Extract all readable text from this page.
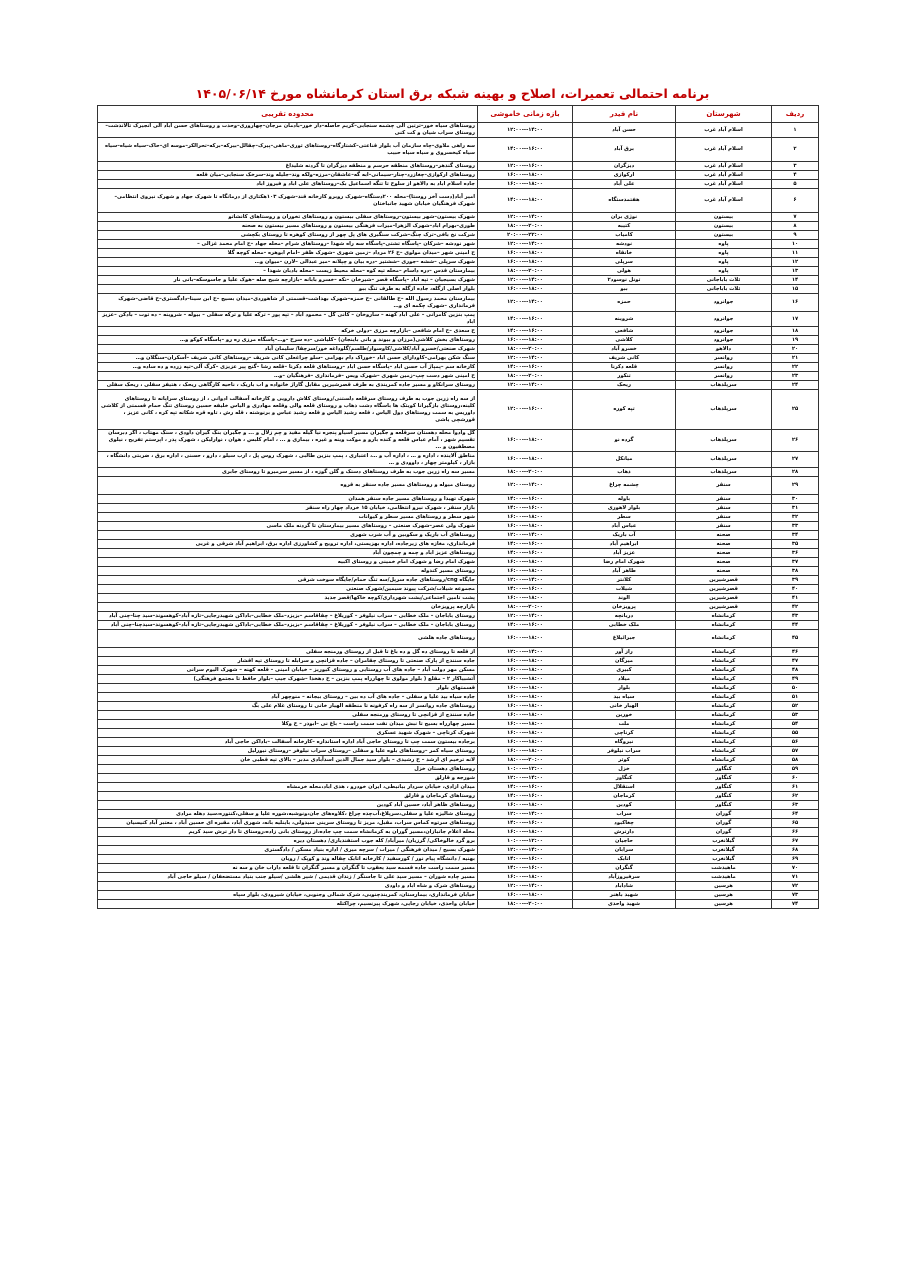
برنامه احتمالی تعمیرات، اصلاح و بهینه شبکه برق استان کرمانشاه مورخ ۱۴۰۵/۰۶/۱۴
ردیف	شهرستان	نام فیدر	بازه زمانی خاموشی	محدوده تقریبی
۱	اسلام آباد غرب	حسن آباد	۱۴:۰۰---۱۲:۰۰	روستاهای سیاه خور–ترتین الی چشمه سنجابی–کریم حاصله–دار خور–بادمان مرجان–چهاروری–وحدت و روستاهای حسن اباد الی انجیرک تالاندشت–روستای سراب شیان و کت کنی
۲	اسلام آباد غرب	برق آباد	۱۶:۰۰---۱۴:۰۰	سه راهی ملاوی–چاه سازمان آب بلوار قناعتی–کشتارگاه–روستاهای ثوری–ماهی–پیرک–چقالل–بیرکه–برکه–تحرالکر–موسه ای–حاک–سیاه شیاه–سیاه سیاه کیخسروی و سیاه سیاه حبیب
۳	اسلام آباد غرب	دیزگران	۱۶:۰۰---۱۲:۰۰	روستای گندهر–روستاهای منطقه حرسم و منطقه دیزگران تا گردنه شلیداغ
۴	اسلام آباد غرب	ارکوازی	۱۸:۰۰---۱۶:۰۰	روستاهای ارکوازی–چغازرد–چنار–سیمانی–ابه گه–عاشقان–مرزه–ولکه وند–جلیله وند–سرخک سنجابی–میان قلعه
۵	اسلام آباد غرب	علی آباد	۱۸:۰۰---۱۶:۰۰	جاده اسلام اباد به دالاهو از سلوخ تا تنگه اسماعیل بک–روستاهای علی اباد و فیروز اباد
۶	اسلام آباد غرب	هفتمدستگاه	۱۸:۰۰---۱۴:۰۰	امیر آباد(دست آخر روستا)–محله ۲۰۰دستگاه–شهرک روبرو کارخانه قند–شهرک ۱۰۳هکتاری از درمانگاه تا شهرک جهاد و شهرک نیروی انتظامی–شهرک فرهنگیان خیابان شهید جانباختان
۷	بیستون	نوژی بران	۱۴:۰۰---۱۲:۰۰	شهرک بیستون–شهر بیستون–روستاهای سفلی بیستون و روستاهای تخوران و روستاهای کانشاتو
۸	بیستون	کتیبه	۲۰:۰۰---۱۸:۰۰	طوری–بهرام اباد–شهرک الزهرا–میرات فرهنگی بیستون و روستاهای مسیر بیستون به صحنه
۹	بیستون	کامیاب	۲۲:۰۰---۲۰:۰۰	شرکت نخ بافی–ترک چنگ–شرکت سنگبری های پل چهر از روستای کوهره تا روستای بکچشی
۱۰	پاوه	نودشه	۱۴:۰۰---۱۲:۰۰	شهر نودشه –شرکان –پاسگاه تشتی–پاسگاه سه راه شهدا –روستاهای شرام –محله جهاد –ح امام محمد غزالی –
۱۱	پاوه	خانقاه	۱۸:۰۰---۱۶:۰۰	ح امینی شهر –میدان مولوی –خ ۲۶ مرداد –زمین شهری –شهرک ظفر –امام ابوهره –محله کوچه گلا
۱۲	پاوه	سرپلی	۱۸:۰۰---۱۶:۰۰	شهرک سرپلی –ششه –جوری –ششتیر –دره بیان و چپلانه –میر عبدالی –لارن –میوان و…
۱۳	پاوه	هولی	۲۰:۰۰---۱۸:۰۰	بیمارستان قدس –دره داسام –محله تپه کوه –محله محیط زیست –محله بادبان شهدا –
۱۴	ثلاث باباجانی	تونل نوسود۲	۱۴:۰۰---۱۲:۰۰	شهرک بسیجیان – تپه اباد –پاسگاه قصر –شیرخان –نکه –خسرو بابانه –بازارچه شیخ صله –هوک علیا و جاسوسکه–بانی نار
۱۵	ثلاث باباجانی	ببو	۱۸:۰۰---۱۶:۰۰	بلوار اصلی ازگله، جاده ازگله به طرف تنگ ببو
۱۶	جوانرود	حمزه	۱۴:۰۰---۱۲:۰۰	بیمارستان محمد رسول الله –خ طالقانی –خ حمزه–شهرک بهداشت–قسمتی از شاهوردی–میدان بسیج –خ ابن سینا–دادگستری–خ قاضی–شهرک فرمانداری –شهرک چکمه ای و…
۱۷	جوانرود	شروینه	۱۶:۰۰---۱۴:۰۰	پمپ بنزین کامرانی – علی اباد کهنه – ساروخان – کانی گل – محمود اباد – تپه پور – ترکه علیا و ترکه سفلی – بیوله – شروینه – ده توت – بادکن –عزیز اباد
۱۸	جوانرود	شافعی	۱۶:۰۰---۱۴:۰۰	خ سعدی –خ امام شافعی –بازارچه مرزی –دولی خرکه
۱۹	جوانرود	کلاشی	۱۸:۰۰---۱۶:۰۰	روستاهای بخش کلاشی(مرزان و بیوند و بانی باینجان) –کلیاشی –ده سرخ –و…–پاسگاه مرزی ره رو –پاسگاه کوکو و…
۲۰	دالاهو	خسرو آباد	۲۰:۰۰---۱۸:۰۰	شهرک صنعتی/خسرو آباد/کلاشی/کاوسوار/طلسم/گلوداغه خور/سرچقا/ سلیمان آباد
۲۱	روانسر	کانی شریف	۱۴:۰۰---۱۲:۰۰	سنگ شکن بهرامی–کاودارای حسن اباد –خوراک دام بهرامی –سلو چراغعلی کانی شریف –روستاهای کانی شریف –آسکران–سنگلان و…
۲۲	روانسر	قلعه دکرنا	۱۶:۰۰---۱۴:۰۰	کارخانه سم –پمپاژ آب حسن اباد –پاسگاه حسن اباد –روستاهای قلعه دکرنا –قلعه رشا –گنج پیر عزیزی –کرگ آلی–تپه زرده و ده ساده و…
۲۳	روانسر	تنکور	۲۰:۰۰---۱۸:۰۰	خ امینی شهر دست چپ–زمین شهری –شهرک ویس –فرمانداری –فرهنگیان –و…
۲۴	سرپلذهاب	ریحک	۱۴:۰۰---۱۲:۰۰	روستای سرانکاو و مسیر جاده کمربندی به طرف قصرشیرین مقابل گاراژ خانواده و اب باریک ، ناحیه کارگاهی ریحک ، هتیفر سفلی ، ریحک سفلی
۲۵	سرپلذهاب	تپه کوره	۱۶:۰۰---۱۲:۰۰	از سه راه زرین جوب به طرف روستای سرقلعه دلستنی/روستای کلاش دارویی و کارخانه آسفالت ادوانی ، از روستای سراپانه تا روستاهای کلینه،روستای بازگیرانا کویتک ها باسگاه دشت ذهاب و روستای قلعه والی وقلعه مهادری و الیاس خلیفه حسین روستای تنگ حمام قسمتی از کلاشی داوریس به سمت روستاهای دول الیاس ، قلعه رشید الیاس و قلعه رشید عباس و برنوشته ، قله رش ، تاوه قره شکانه تپه کره ، کانی عزیز ، قورشچی یاشی
۲۶	سرپلذهاب	گرده نو	۱۸:۰۰---۱۶:۰۰	گل وادوا محله دهستان سرقلعه و جگیران مسیر آسیاو پنجره نیا گیله مفید و چم زلال و ... و جگیران بنگ گیران داودی ، سنگ مهتاب ، اگر دبرسان تقسیم شهر ، آمام عباس قلعه و کنده بارو و موکت وینه و غیره ، بیماری و ... ، امام کلبس ، هوان ، نوارلیکن ، شهرک پدر ، اپرستم تفریح ، نیلوی مصطفیون و ...
۲۷	سرپلذهاب	میانکل	۱۸:۰۰---۱۶:۰۰	مناطق آلاینده ، اداره و … ، اداره آب و …، اعتباری ، پمپ بنزین طالبی ، شهرک روس پل ، ارب سیلو ، دارو ، حسنی ، اداره برق ، ضربتی دانشگاه ، بازار ، کیلومتر چهار ، داوودی و …
۲۸	سرپلذهاب	ذهاب	۲۰:۰۰---۱۸:۰۰	مسیر سه راه زرین جوب به طرف روستاهای دستک و گلن گوزه ، از مسیر سرمیرو تا روستای جابری
۲۹	سنقر	چشمه چراغ	۱۴:۰۰---۱۲:۰۰	روستای میوله و روستاهای مسیر جاده سنقر به قروه
۳۰	سنقر	باوله	۱۶:۰۰---۱۴:۰۰	شهرک تهیدا و روستاهای مسیر جاده سنقر همدان
۳۱	سنقر	بلوار لاهوری	۱۶:۰۰---۱۴:۰۰	بازار سنقر ، شهرک نیرو انتظامی، خیابان ۱۵ خرداد چهار راه سنقر
۳۲	سنقر	سطر	۱۸:۰۰---۱۶:۰۰	شهر سطر و روستاهای مسیر سطر و کیوانات
۳۳	سنقر	عباس آباد	۱۸:۰۰---۱۶:۰۰	شهرک ولی عصر–شهرک صنعتی – روستاهای مسیر بیمارستان تا گردنه ملک ماسی
۳۴	صحنه	آب باریک	۱۴:۰۰---۱۲:۰۰	روستاهای آب باریک و سکوبین و آب شرب شهری
۳۵	صحنه	ابراهیم آباد	۱۶:۰۰---۱۴:۰۰	فرمانداری، مغازه های زیرجاده، اداره بهزیستی، اداره ترویج و کشاورزی اداره برق، ابراهیم آباد شرقی و غربی
۳۶	صحنه	عزیز آباد	۱۶:۰۰---۱۴:۰۰	روستاهای عزیز اباد و چمه و چمچون آباد
۳۷	صحنه	شهرک امام رضا	۱۸:۰۰---۱۶:۰۰	شهرک امام رضا و شهرک امام خمینی و روستای اکبیه
۳۸	صحنه	طاهر آباد	۱۸:۰۰---۱۶:۰۰	روستای مسیر کندوله
۳۹	قصرشیرین	کلانتر	۱۴:۰۰---۱۲:۰۰	جایگاه cng/روستاهای جاده سرپل/سه تنگ حمام/جایگاه سوخت شرقی
۴۰	قصرشیرین	شیلات	۱۶:۰۰---۱۴:۰۰	مجموعه شیلات/شرکت پیوند سیمین/شهرک صنعتی
۴۱	قصرشیرین	الوند	۱۸:۰۰---۱۶:۰۰	پشت تامین اجتماعی/پشت شهرداری/کوچه خاکها/قصر جدید
۴۲	قصرشیرین	پرویزخان	۲۰:۰۰---۱۸:۰۰	بازارچه پرویزخان
۴۳	کرمانشاه	دربانچه	۱۴:۰۰---۱۲:۰۰	روستای باباجان – ملک خطابی – سراب نیلوفر – کوریلاغ – چقاقاسم –بزیزد–ملک خطابی–باداکن شهیدرجایی–تازه آباد–کوهسوند–سید چنا–چنی آباد
۴۴	کرمانشاه	ملک خطابی	۱۶:۰۰---۱۴:۰۰	روستای باباجان – ملک خطابی – سراب نیلوفر – کوریلاغ – چقاقاسم –بزیزد–ملک خطابی–باداکن شهیدرجایی–تازه آباد–کوهسوند–سیدچنا–چنی آباد
۴۵	کرمانشاه	جبرائیلاغ	۱۸:۰۰---۱۶:۰۰	روستاهای جاده هلشی
۴۶	کرمانشاه	راز آور	۱۴:۰۰---۱۲:۰۰	از قلعه تا روستای ده گل و ده باغ تا قبل از روستای ورمنجه سفلی
۴۷	کرمانشاه	میرگان	۱۸:۰۰---۱۶:۰۰	جاده سنندج از پارک صنعتی تا روستای چقامران – جاده قزانچی و سرابله تا روستای تپه اقشار
۴۸	کرمانشاه	کبیری	۱۸:۰۰---۱۶:۰۰	مسکن مهر دولت آباد – جاده های آب روستایی و روستای کیوریز – خیابان امینی – قلعه کهنه – شهرک الیوم سرانی
۴۹	کرمانشاه	میلاد	۱۸:۰۰---۱۶:۰۰	آتشبیاکار ۲ – مقلع ( بلوار مولوی تا چهارراه پمپ بنزین – خ دهخدا –شهرک جیپ –بلوار حافظ تا مجتمع فرهنگی)
۵۰	کرمانشاه	بلوار	۱۸:۰۰---۱۶:۰۰	قسمتهای بلوار
۵۱	کرمانشاه	سیاه بید	۱۸:۰۰---۱۶:۰۰	جاده سیاه بید علیا و سفلی – جاده های آب ده بین – روستای بیجانه – منوچهر آباد
۵۲	کرمانشاه	الهیار خانی	۱۸:۰۰---۱۶:۰۰	روستاهای جاده روانسر از سه راه کرفونه تا منطقه الهیار خانی تا روستای غلام علی بگ
۵۳	کرمانشاه	خورین	۱۸:۰۰---۱۶:۰۰	جاده سنندج از قزانچی تا روستای ورمنجه سفلی
۵۴	کرمانشاه	ملت	۱۸:۰۰---۱۶:۰۰	مسیر چهارراه بسیج تا نبش میدان نفت سمت راست – باغ نی –ابوذر – خ وکلا
۵۵	کرمانشاه	کرناچی	۱۸:۰۰---۱۶:۰۰	شهرک کرناچی – شهرک شهید عسکری
۵۶	کرمانشاه	نیروگاه	۱۸:۰۰---۱۶:۰۰	برجاده بیستون سمت چپ تا روستای حاجی آباد اداره استانداره –کارخانه آسفالت –باداکن حاجی آباد
۵۷	کرمانشاه	سراب نیلوفر	۱۸:۰۰---۱۶:۰۰	روستای سیاه کمر –روستاهای بلوه علیا و سفلی –روستای سراب نیلوفر –روستای نیورلیل
۵۸	کرمانشاه	کوثر	۲۰:۰۰---۱۸:۰۰	لانه ترخیم ای ارشد – خ رشیدی – بلوار سید جمال الدین اسدآبادی مدبر – بالای تپه قطبی خان
۵۹	کنگاور	خزل	۱۲:۰۰---۱۰:۰۰	روستاهای دهستان خزل
۶۰	کنگاور	کنگاور	۱۴:۰۰---۱۲:۰۰	شورجه و قارلق
۶۱	کنگاور	استقلال	۱۶:۰۰---۱۴:۰۰	میدان ازادی، خیابان سردار بیانیطی، ایران خودرو ، هدی اباد،محله خرمشاه
۶۲	کنگاور	کرماجان	۱۶:۰۰---۱۴:۰۰	روستاهای کرماجان و قارلق
۶۳	کنگاور	کودین	۱۸:۰۰---۱۶:۰۰	روستاهای ظاهر آباد، حسین آباد کودین
۶۴	گوران	سراب	۱۴:۰۰---۱۲:۰۰	روستای شالیزه علیا و سفلی،سرپلاغ،آب‌چده چراغ ،کلاوه‌های جان،ونوشبه،شوره علیا و سفلی،کنتوره،سید دهله مرادی
۶۵	گوران	چغاکبود	۱۶:۰۰---۱۴:۰۰	روستاهای سرتوه کماس سراب، مقبل، مریز تا روستای سرینی سیدولی، باینلیه بانه، شهری آباد، مقبره ای حسین آباد ، معتبر آباد کنیسیان
۶۶	گوران	دارترش	۱۸:۰۰---۱۶:۰۰	محله اعلام جانبازان،مسیر گوران به کرمانشاه سمت چپ جاده،از روستای بانی زاده،روستای تا دار ترش سید کریم
۶۷	گیلانغرب	حاجیان	۱۲:۰۰---۱۰:۰۰	برو گرد خالوخاکی/ گرزیان/ میرآباد/ کله جوب استفندیاری/ دهستان دیره
۶۸	گیلانغرب	سرابان	۱۴:۰۰---۱۲:۰۰	شهرک بسیج / میدان فرهنگی / میرات / سرچه میری / اداره بنیاد مسکن / دادگستری
۶۹	گیلانغرب	اتابک	۱۶:۰۰---۱۴:۰۰	بهنیه / دانشگاه پیام نور / کورسفید / کارخانه اتابک چقاله وند و کوپک / رویان
۷۰	ماهیدشت	گنگران	۱۶:۰۰---۱۴:۰۰	مسیر سمت راست جاده قسمه سید یعقوب تا گنگران و مسیر گنگران تا قلعه داراب خان و سه نه
۷۱	ماهیدشت	سرفیروزآباد	۱۸:۰۰---۱۶:۰۰	مسیر چاده شوران – مسیر سید علی تا جاسنگر / زندان قدیمی / شیر هلشی /سیلو جنب بنیاد مستضعفان / سیلو حاجی آباد
۷۲	هرسین	شاداباد	۱۴:۰۰---۱۲:۰۰	روستاهای شرک و شاه اباد و داودی
۷۳	هرسین	شهید باهنر	۱۸:۰۰---۱۶:۰۰	خیابان فرمانداری، بیمارستان، کمربندچنوبی، شرک شمالی وجنوبی، خیابان شیرودی، بلوار سپاه
۷۴	هرسین	شهید واحدی	۲۰:۰۰---۱۸:۰۰	خیابان واحدی، خیابان رجایی، شهرک پیرنسیم، چراکتله
